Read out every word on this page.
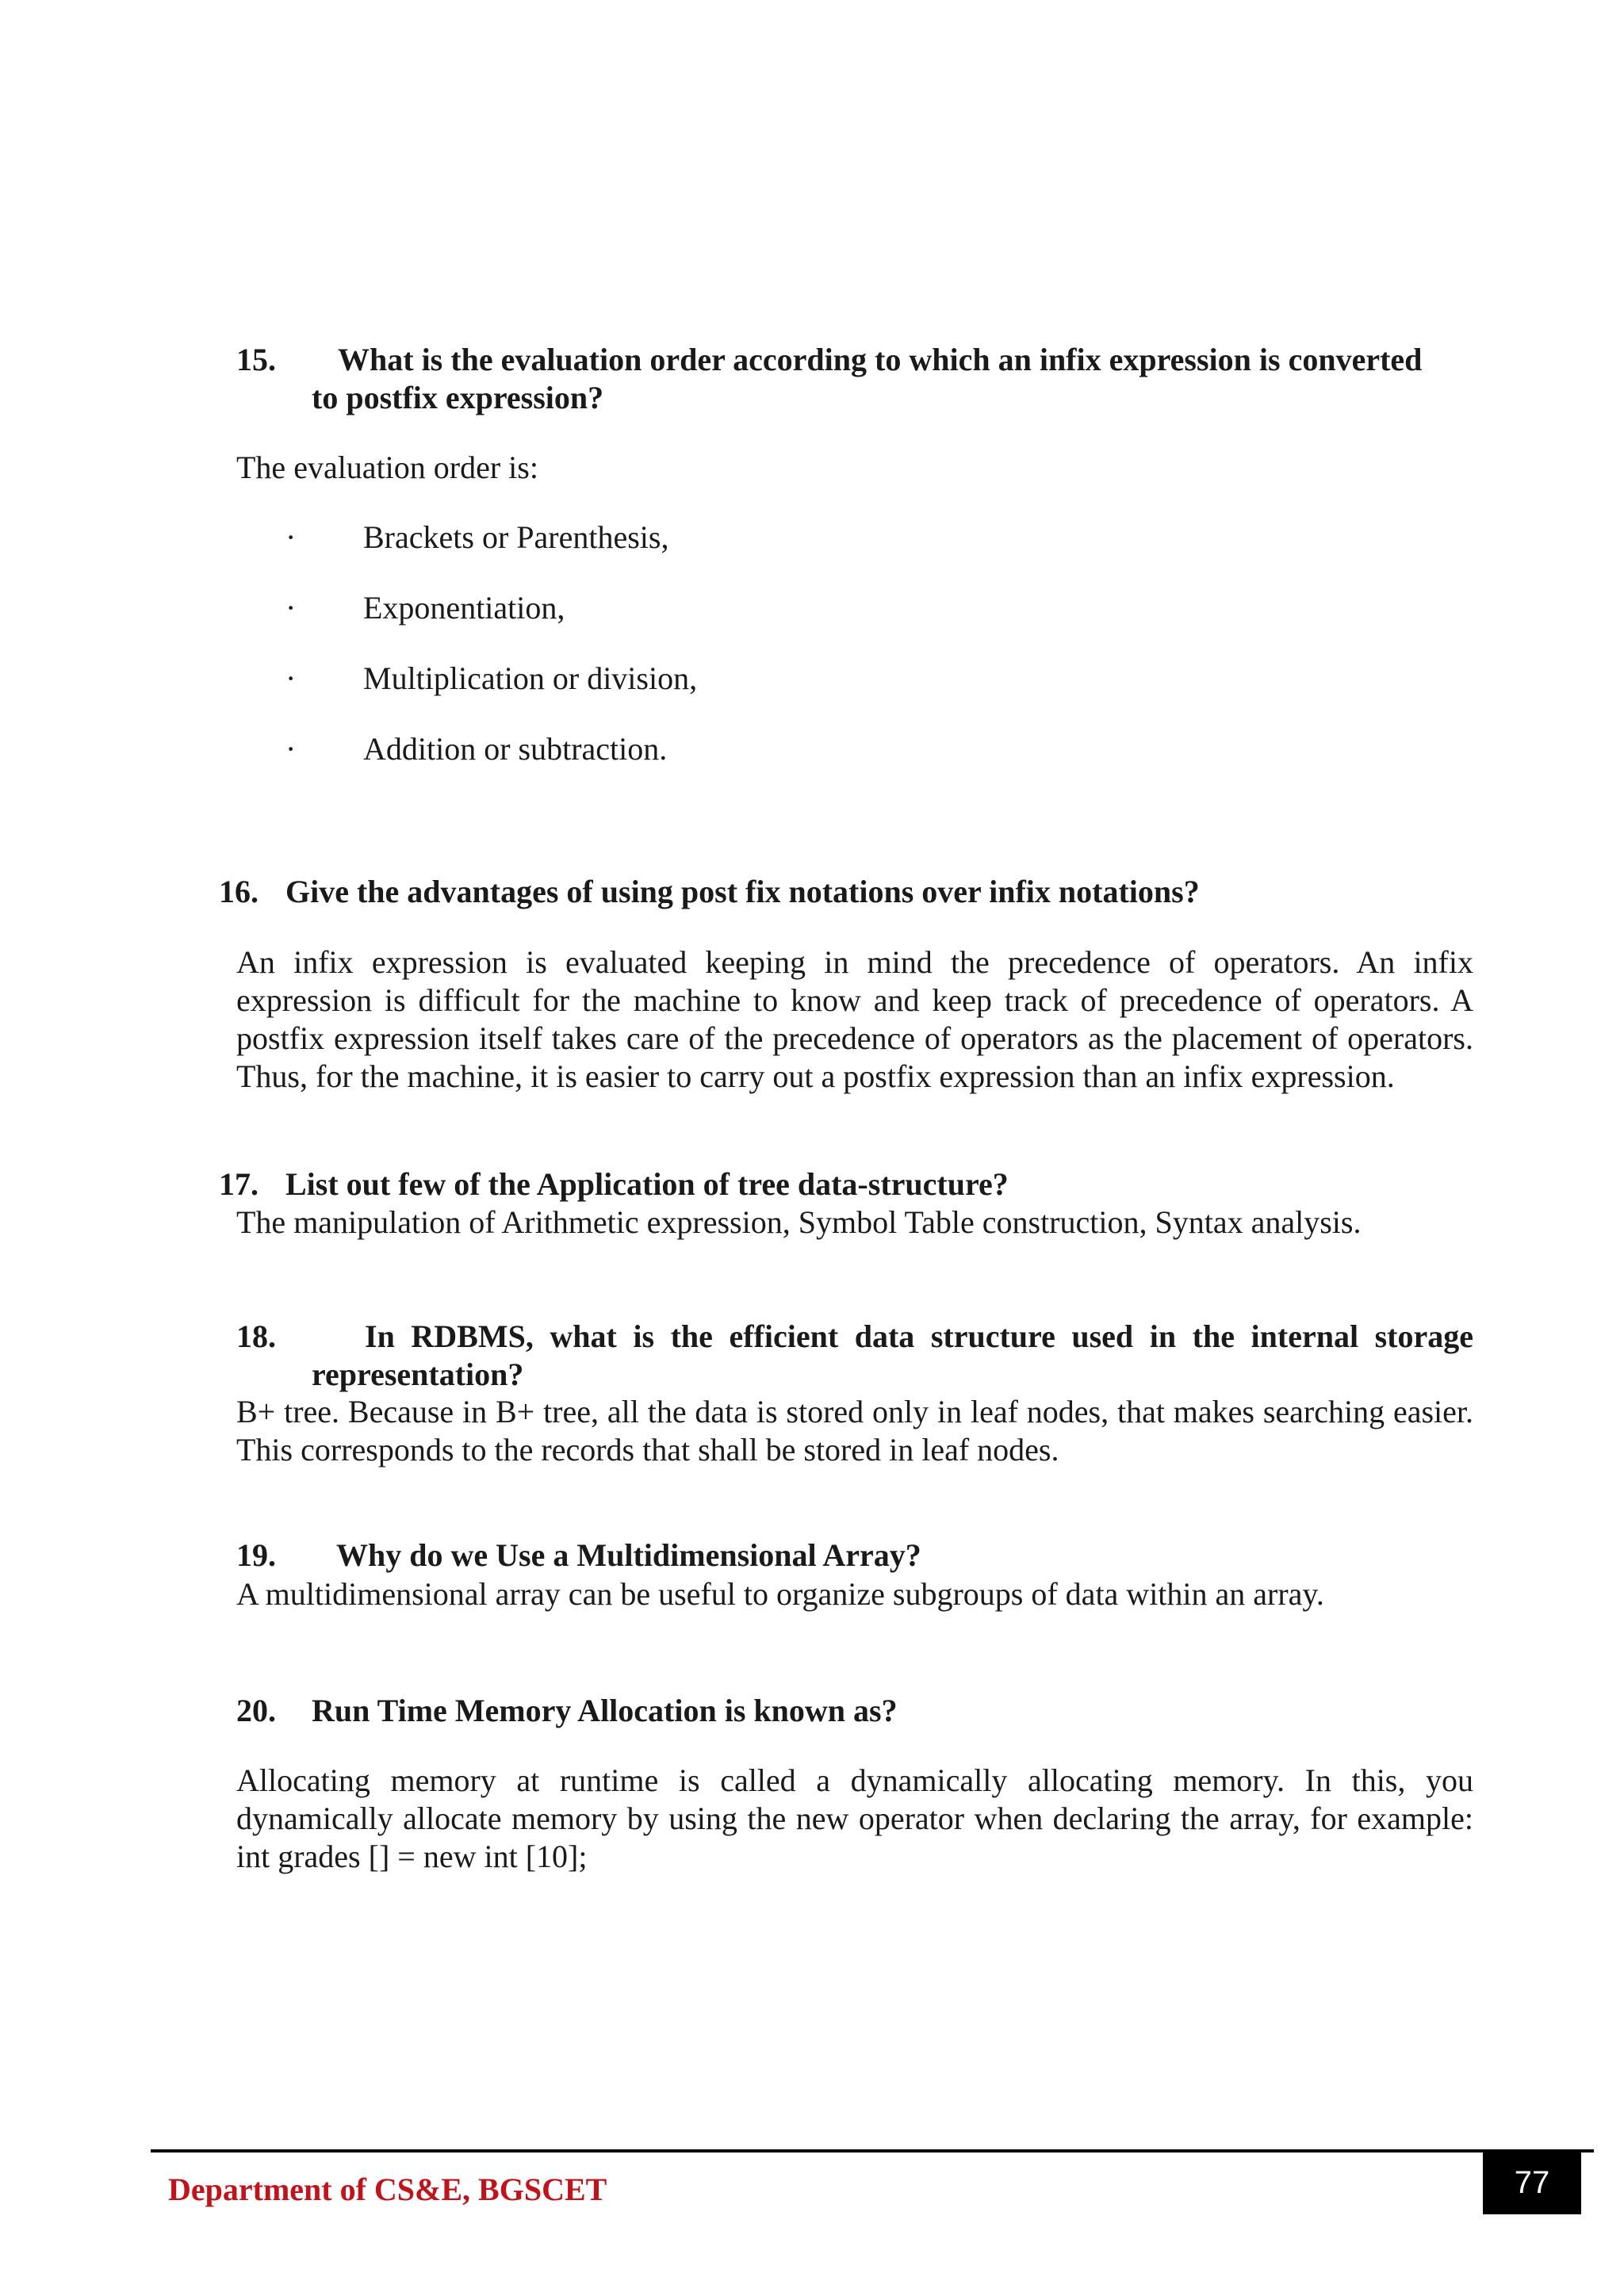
15. What is the evaluation order according to which an infix expression is converted
to postfix expression?

The evaluation order is:

· Brackets or Parenthesis,
· Exponentiation,
· Multiplication or division,
· Addition or subtraction.
16. Give the advantages of using post fix notations over infix notations?

An infix expression is evaluated keeping in mind the precedence of operators. An infix expression is difficult for the machine to know and keep track of precedence of operators. A postfix expression itself takes care of the precedence of operators as the placement of operators. Thus, for the machine, it is easier to carry out a postfix expression than an infix expression.

17. List out few of the Application of tree data-structure?

The manipulation of Arithmetic expression, Symbol Table construction, Syntax analysis.

18.	In RDBMS, what is the efficient data structure used in the internal storage
representation?

B+ tree. Because in B+ tree, all the data is stored only in leaf nodes, that makes searching easier. This corresponds to the records that shall be stored in leaf nodes.

19. Why do we Use a Multidimensional Array?

A multidimensional array can be useful to organize subgroups of data within an array.

20. Run Time Memory Allocation is known as?

Allocating memory at runtime is called a dynamically allocating memory. In this, you dynamically allocate memory by using the new operator when declaring the array, for example: int grades [] = new int [10];

Department of CS&E, BGSCET	77
